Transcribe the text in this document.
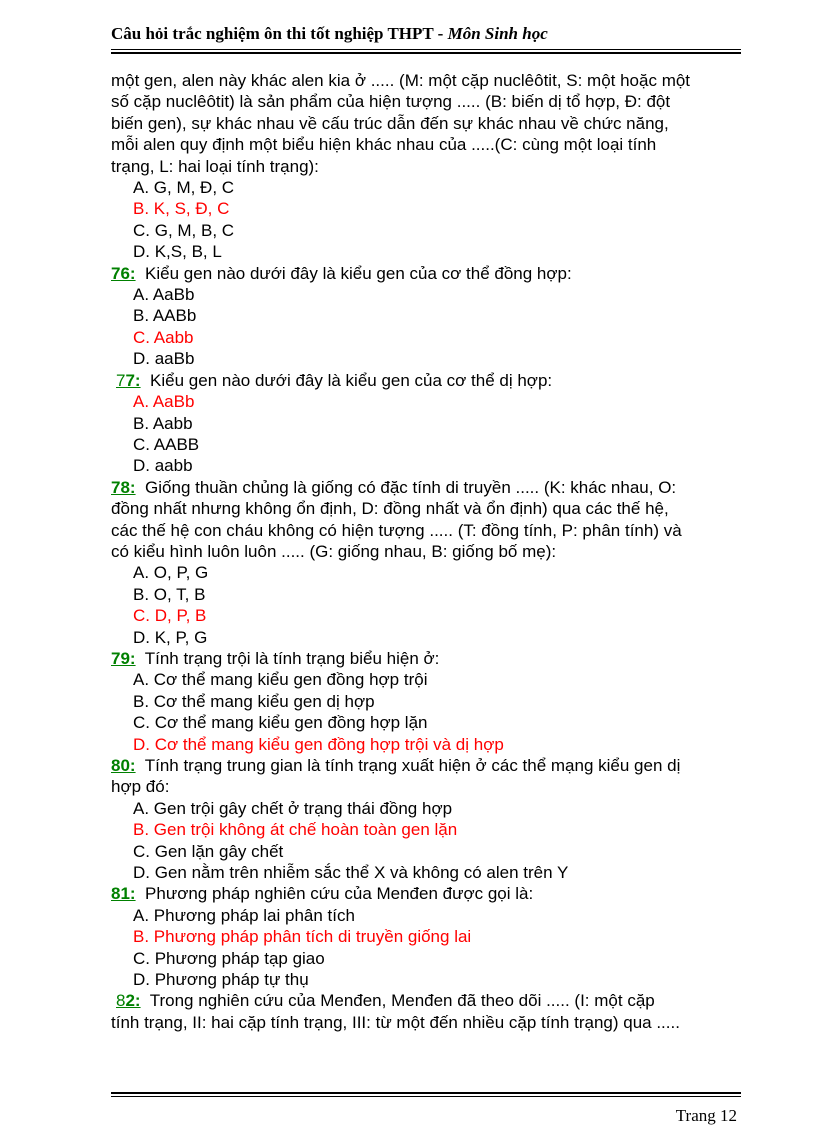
Câu hỏi trắc nghiệm ôn thi tốt nghiệp THPT - Môn Sinh học
một gen, alen này khác alen kia ở ..... (M: một cặp nuclêôtit, S: một hoặc một
số cặp nuclêôtit) là sản phẩm của hiện tượng ..... (B: biến dị tổ hợp, Đ: đột
biến gen), sự khác nhau về cấu trúc dẫn đến sự khác nhau về chức năng,
mỗi alen quy định một biểu hiện khác nhau của .....(C: cùng một loại tính
trạng, L: hai loại tính trạng):
A. G, M, Đ, C
B. K, S, Đ, C
C. G, M, B, C
D. K,S, B, L
76: Kiểu gen nào dưới đây là kiểu gen của cơ thể đồng hợp:
A. AaBb
B. AABb
C. Aabb
D. aaBb
77: Kiểu gen nào dưới đây là kiểu gen của cơ thể dị hợp:
A. AaBb
B. Aabb
C. AABB
D. aabb
78: Giống thuần chủng là giống có đặc tính di truyền ..... (K: khác nhau, O:
đồng nhất nhưng không ổn định, D: đồng nhất và ổn định) qua các thế hệ,
các thế hệ con cháu không có hiện tượng ..... (T: đồng tính, P: phân tính) và
có kiểu hình luôn luôn ..... (G: giống nhau, B: giống bố mẹ):
A. O, P, G
B. O, T, B
C. D, P, B
D. K, P, G
79: Tính trạng trội là tính trạng biểu hiện ở:
A. Cơ thể mang kiểu gen đồng hợp trội
B. Cơ thể mang kiểu gen dị hợp
C. Cơ thể mang kiểu gen đồng hợp lặn
D. Cơ thể mang kiểu gen đồng hợp trội và dị hợp
80: Tính trạng trung gian là tính trạng xuất hiện ở các thể mạng kiểu gen dị
hợp đó:
A. Gen trội gây chết ở trạng thái đồng hợp
B. Gen trội không át chế hoàn toàn gen lặn
C. Gen lặn gây chết
D. Gen nằm trên nhiễm sắc thể X và không có alen trên Y
81: Phương pháp nghiên cứu của Menđen được gọi là:
A. Phương pháp lai phân tích
B. Phương pháp phân tích di truyền giống lai
C. Phương pháp tạp giao
D. Phương pháp tự thụ
82: Trong nghiên cứu của Menđen, Menđen đã theo dõi ..... (I: một cặp
tính trạng, II: hai cặp tính trạng, III: từ một đến nhiều cặp tính trạng) qua .....
Trang 12
